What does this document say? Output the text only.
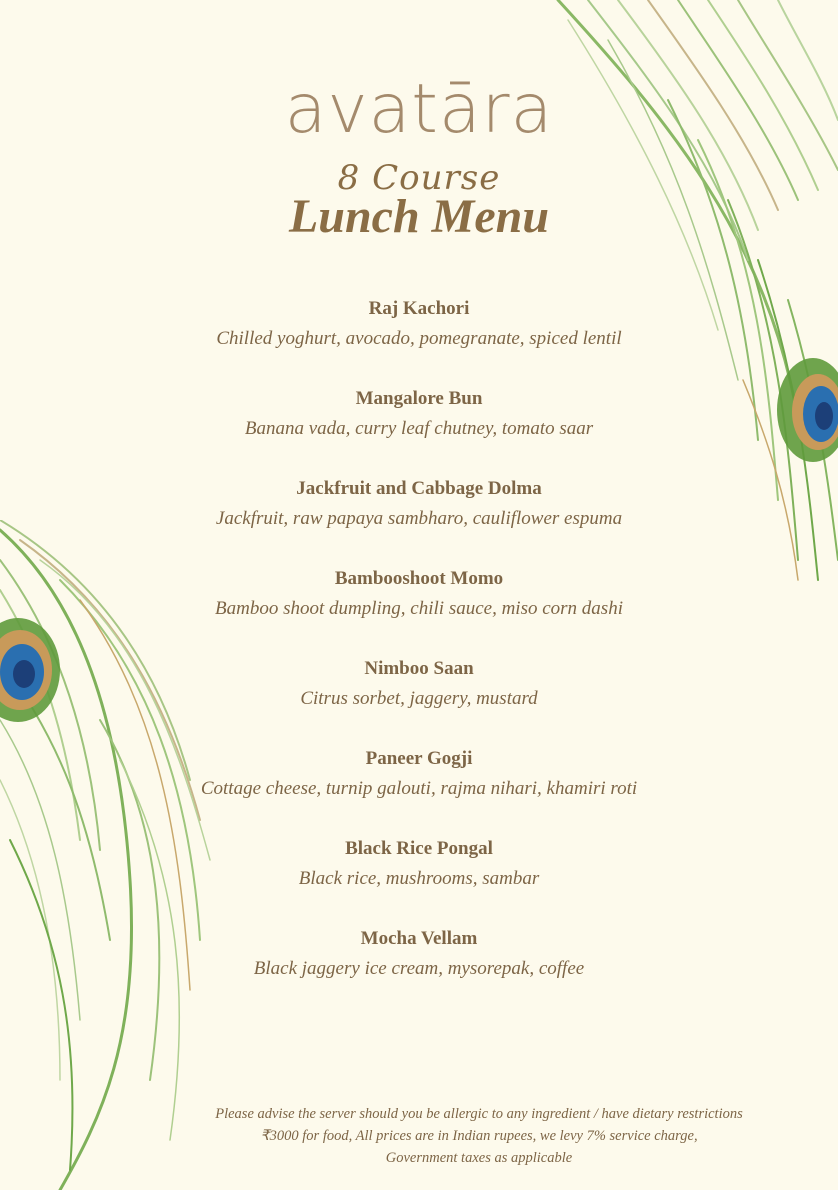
avatāra
8 Course
Lunch Menu
Raj Kachori
Chilled yoghurt, avocado, pomegranate, spiced lentil
Mangalore Bun
Banana vada, curry leaf chutney, tomato saar
Jackfruit and Cabbage Dolma
Jackfruit, raw papaya sambharo, cauliflower espuma
Bambooshoot Momo
Bamboo shoot dumpling, chili sauce, miso corn dashi
Nimboo Saan
Citrus sorbet, jaggery, mustard
Paneer Gogji
Cottage cheese, turnip galouti, rajma nihari, khamiri roti
Black Rice Pongal
Black rice, mushrooms, sambar
Mocha Vellam
Black jaggery ice cream, mysorepak, coffee
Please advise the server should you be allergic to any ingredient / have dietary restrictions
₹3000 for food, All prices are in Indian rupees, we levy 7% service charge,
Government taxes as applicable
